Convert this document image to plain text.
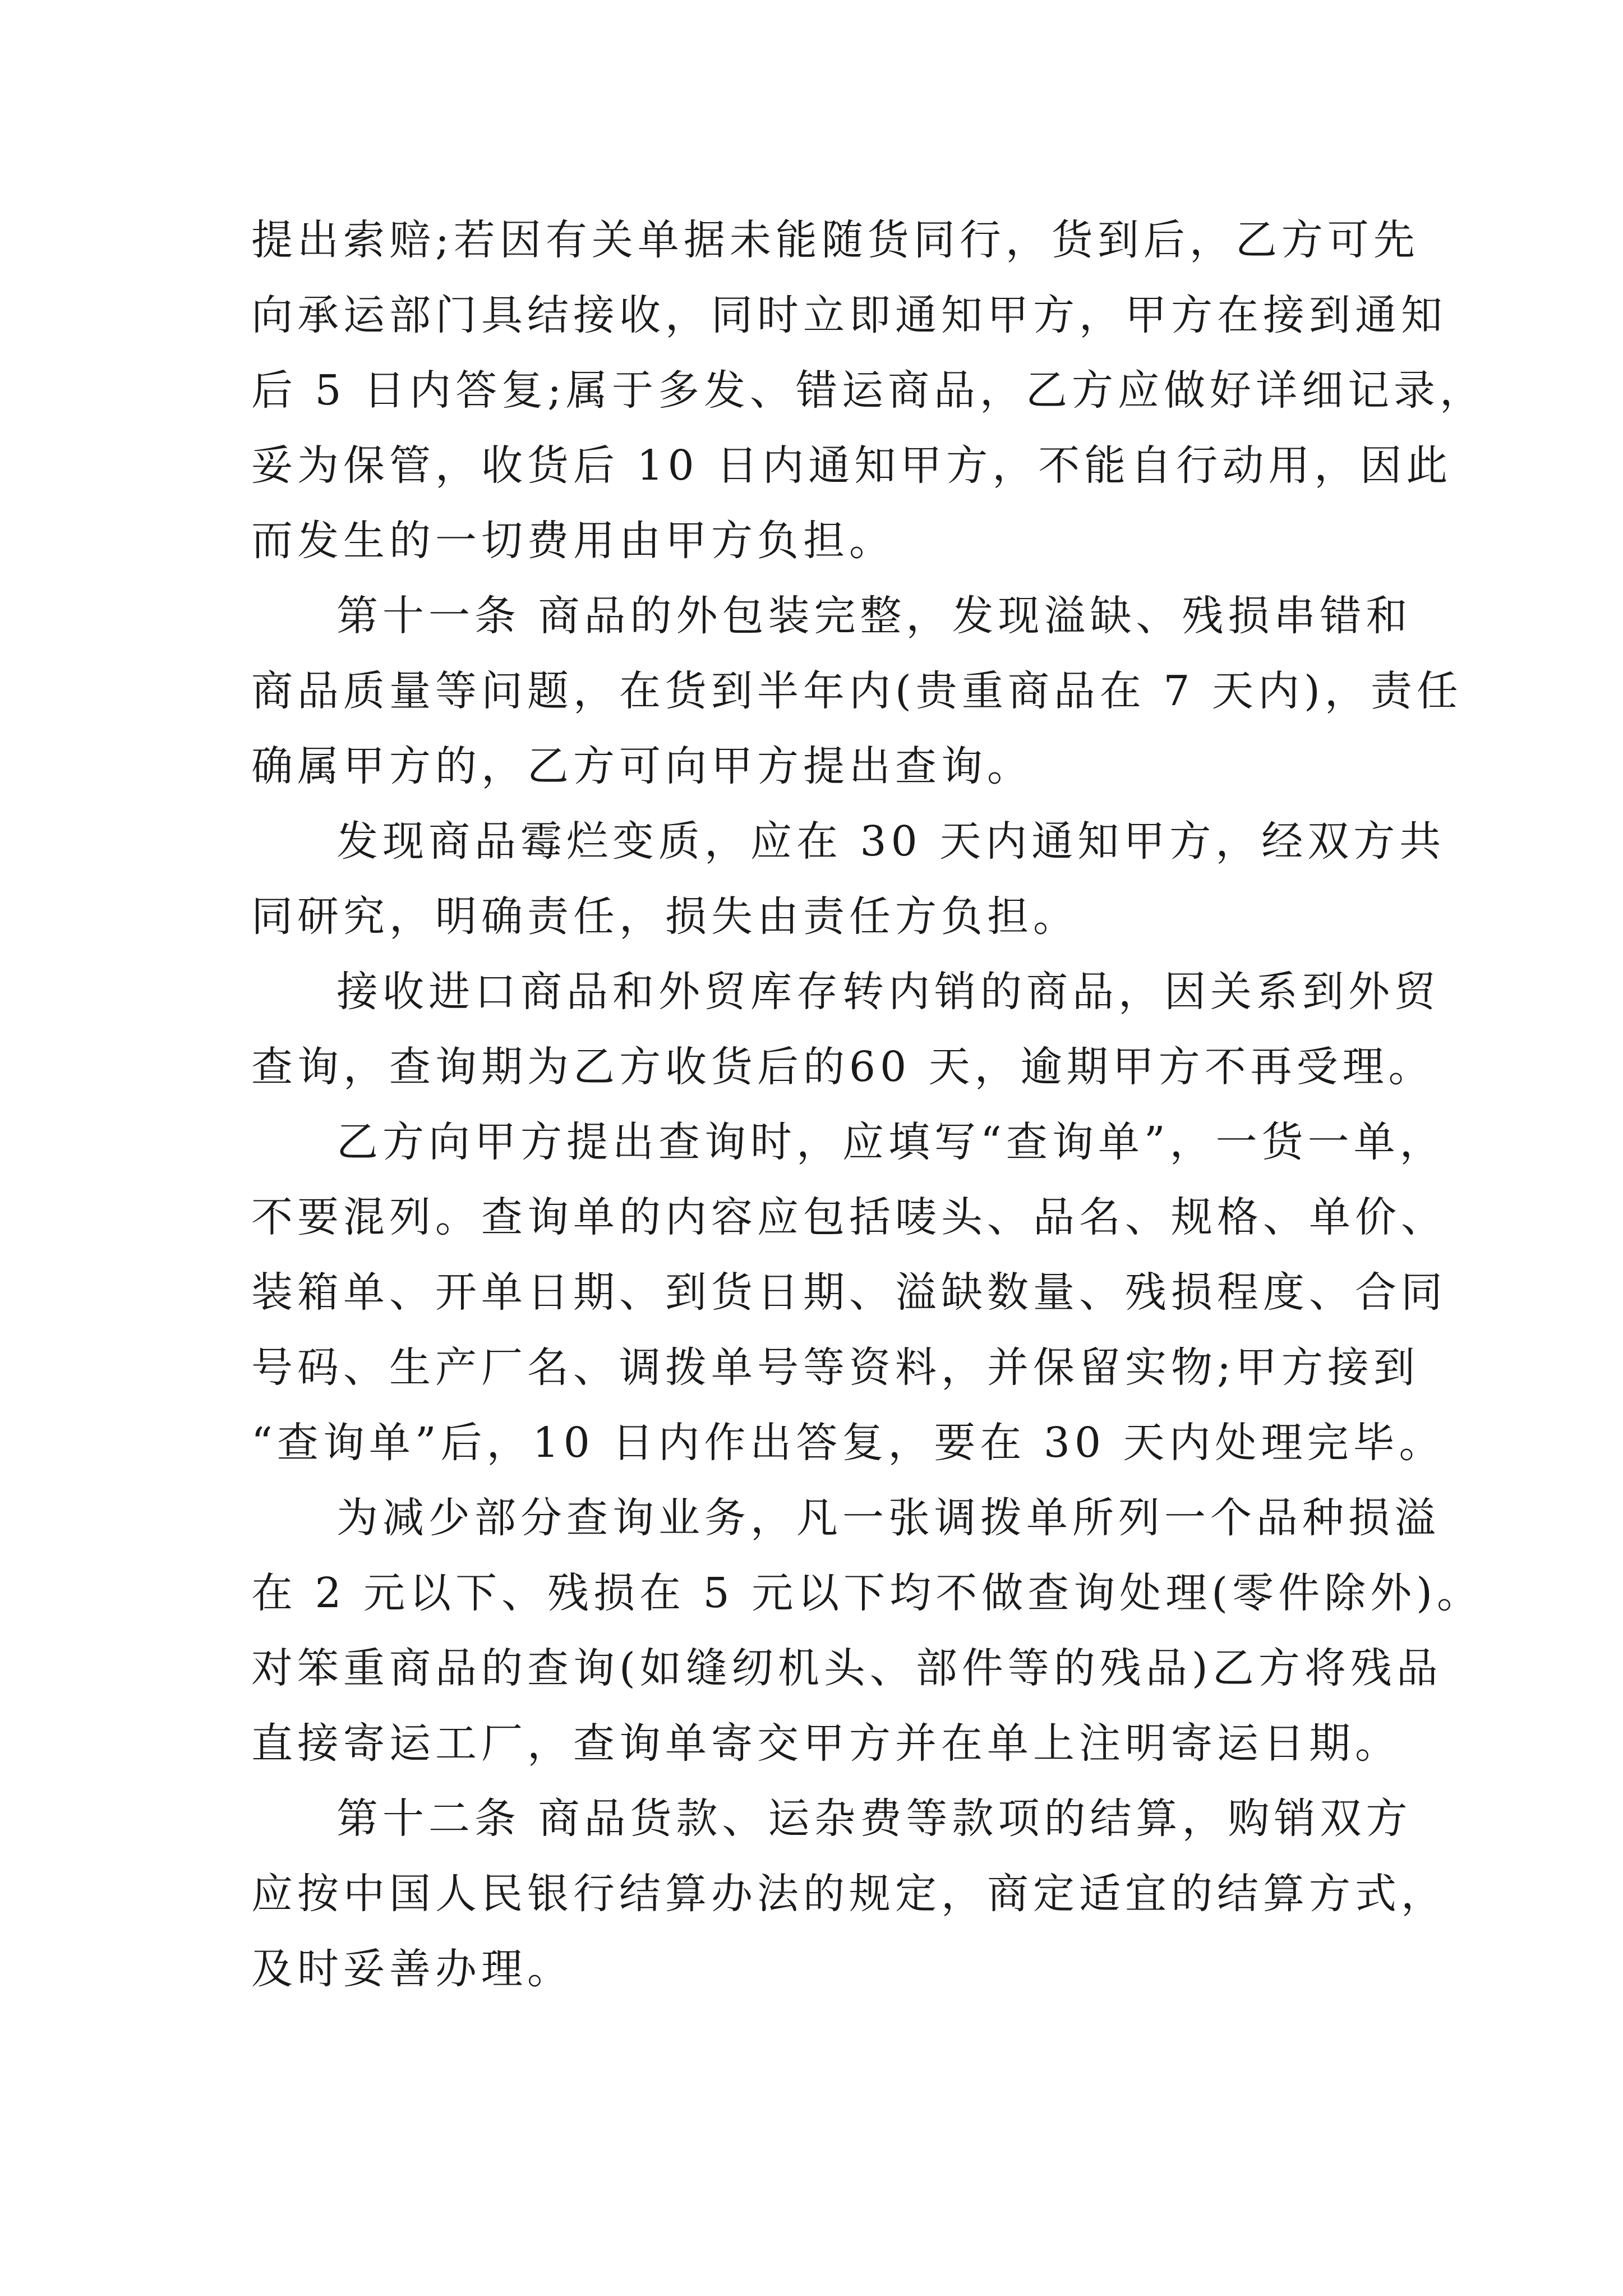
提出索赔;若因有关单据未能随货同行，货到后，乙方可先

向承运部门具结接收，同时立即通知甲方，甲方在接到通知

后 5 日内答复;属于多发、错运商品，乙方应做好详细记录，

妥为保管，收货后 10 日内通知甲方，不能自行动用，因此

而发生的一切费用由甲方负担。

第十一条 商品的外包装完整，发现溢缺、残损串错和

商品质量等问题，在货到半年内(贵重商品在 7 天内)，责任

确属甲方的，乙方可向甲方提出查询。

发现商品霉烂变质，应在 30 天内通知甲方，经双方共

同研究，明确责任，损失由责任方负担。

接收进口商品和外贸库存转内销的商品，因关系到外贸

查询，查询期为乙方收货后的60 天，逾期甲方不再受理。

乙方向甲方提出查询时，应填写“查询单”，一货一单，

不要混列。查询单的内容应包括唛头、品名、规格、单价、

装箱单、开单日期、到货日期、溢缺数量、残损程度、合同

号码、生产厂名、调拨单号等资料，并保留实物;甲方接到

“查询单”后，10 日内作出答复，要在 30 天内处理完毕。

为减少部分查询业务，凡一张调拨单所列一个品种损溢

在 2 元以下、残损在 5 元以下均不做查询处理(零件除外)。

对笨重商品的查询(如缝纫机头、部件等的残品)乙方将残品

直接寄运工厂，查询单寄交甲方并在单上注明寄运日期。

第十二条 商品货款、运杂费等款项的结算，购销双方

应按中国人民银行结算办法的规定，商定适宜的结算方式，

及时妥善办理。
